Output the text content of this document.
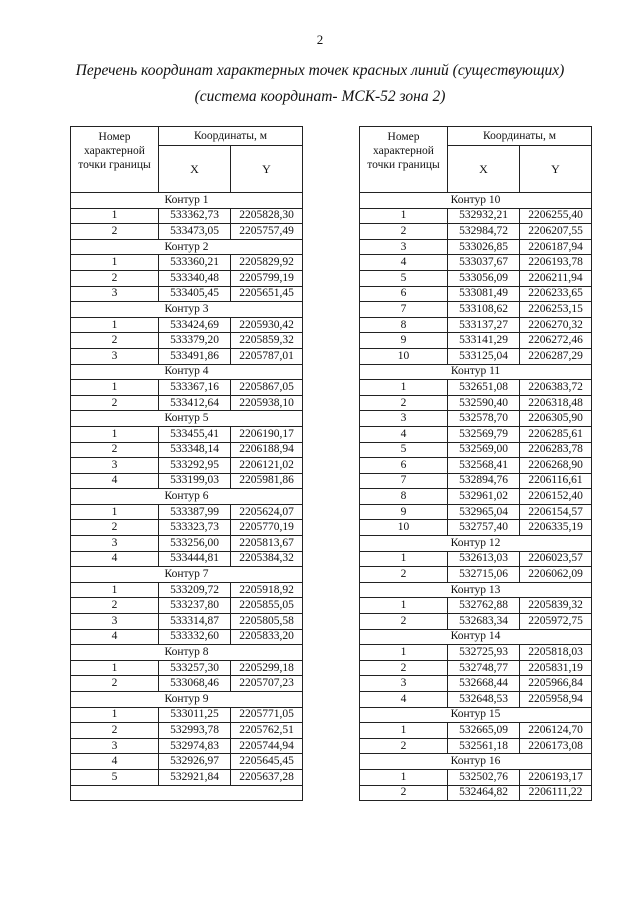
2
Перечень координат характерных точек красных линий (существующих)
(система координат- МСК-52 зона 2)
Номер характерной точки границы	Координаты, м	
	X	Y
Контур 1		
1	533362,73	2205828,30
2	533473,05	2205757,49
Контур 2		
1	533360,21	2205829,92
2	533340,48	2205799,19
3	533405,45	2205651,45
Контур 3		
1	533424,69	2205930,42
2	533379,20	2205859,32
3	533491,86	2205787,01
Контур 4		
1	533367,16	2205867,05
2	533412,64	2205938,10
Контур 5		
1	533455,41	2206190,17
2	533348,14	2206188,94
3	533292,95	2206121,02
4	533199,03	2205981,86
Контур 6		
1	533387,99	2205624,07
2	533323,73	2205770,19
3	533256,00	2205813,67
4	533444,81	2205384,32
Контур 7		
1	533209,72	2205918,92
2	533237,80	2205855,05
3	533314,87	2205805,58
4	533332,60	2205833,20
Контур 8		
1	533257,30	2205299,18
2	533068,46	2205707,23
Контур 9		
1	533011,25	2205771,05
2	532993,78	2205762,51
3	532974,83	2205744,94
4	532926,97	2205645,45
5	532921,84	2205637,28

Номер характерной точки границы	Координаты, м	
	X	Y
Контур 10		
1	532932,21	2206255,40
2	532984,72	2206207,55
3	533026,85	2206187,94
4	533037,67	2206193,78
5	533056,09	2206211,94
6	533081,49	2206233,65
7	533108,62	2206253,15
8	533137,27	2206270,32
9	533141,29	2206272,46
10	533125,04	2206287,29
Контур 11		
1	532651,08	2206383,72
2	532590,40	2206318,48
3	532578,70	2206305,90
4	532569,79	2206285,61
5	532569,00	2206283,78
6	532568,41	2206268,90
7	532894,76	2206116,61
8	532961,02	2206152,40
9	532965,04	2206154,57
10	532757,40	2206335,19
Контур 12		
1	532613,03	2206023,57
2	532715,06	2206062,09
Контур 13		
1	532762,88	2205839,32
2	532683,34	2205972,75
Контур 14		
1	532725,93	2205818,03
2	532748,77	2205831,19
3	532668,44	2205966,84
4	532648,53	2205958,94
Контур 15		
1	532665,09	2206124,70
2	532561,18	2206173,08
Контур 16		
1	532502,76	2206193,17
2	532464,82	2206111,22
